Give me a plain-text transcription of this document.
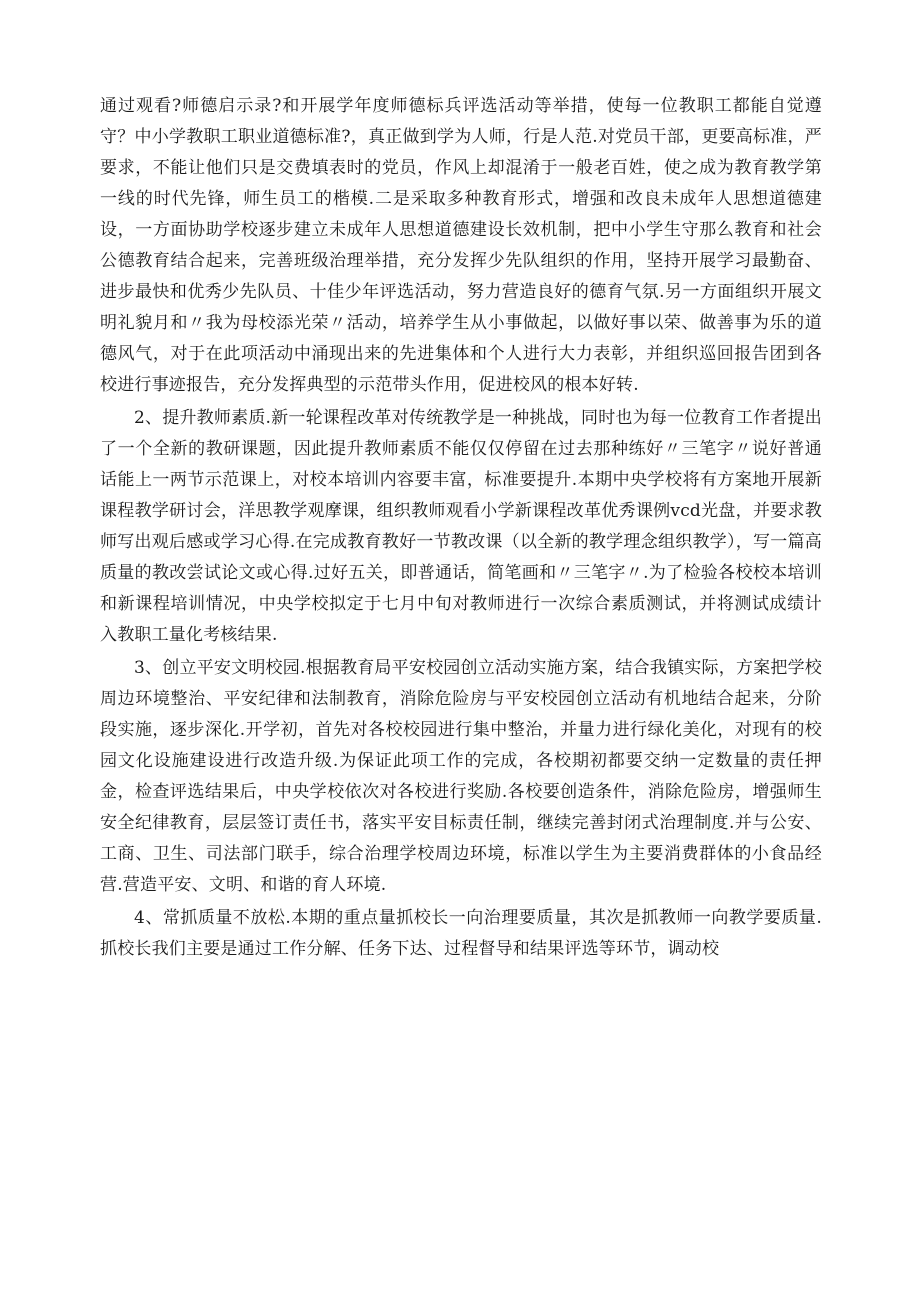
通过观看?师德启示录?和开展学年度师德标兵评选活动等举措，使每一位教职工都能自觉遵守？中小学教职工职业道德标准?，真正做到学为人师，行是人范.对党员干部，更要高标准，严要求，不能让他们只是交费填表时的党员，作风上却混淆于一般老百姓，使之成为教育教学第一线的时代先锋，师生员工的楷模.二是采取多种教育形式，增强和改良未成年人思想道德建设，一方面协助学校逐步建立未成年人思想道德建设长效机制，把中小学生守那么教育和社会公德教育结合起来，完善班级治理举措，充分发挥少先队组织的作用，坚持开展学习最勤奋、进步最快和优秀少先队员、十佳少年评选活动，努力营造良好的德育气氛.另一方面组织开展文明礼貌月和〃我为母校添光荣〃活动，培养学生从小事做起，以做好事以荣、做善事为乐的道德风气，对于在此项活动中涌现出来的先进集体和个人进行大力表彰，并组织巡回报告团到各校进行事迹报告，充分发挥典型的示范带头作用，促进校风的根本好转.

2、提升教师素质.新一轮课程改革对传统教学是一种挑战，同时也为每一位教育工作者提出了一个全新的教研课题，因此提升教师素质不能仅仅停留在过去那种练好〃三笔字〃说好普通话能上一两节示范课上，对校本培训内容要丰富，标准要提升.本期中央学校将有方案地开展新课程教学研讨会，洋思教学观摩课，组织教师观看小学新课程改革优秀课例vcd光盘，并要求教师写出观后感或学习心得.在完成教育教好一节教改课（以全新的教学理念组织教学），写一篇高质量的教改尝试论文或心得.过好五关，即普通话，简笔画和〃三笔字〃.为了检验各校校本培训和新课程培训情况，中央学校拟定于七月中旬对教师进行一次综合素质测试，并将测试成绩计入教职工量化考核结果.

3、创立平安文明校园.根据教育局平安校园创立活动实施方案，结合我镇实际，方案把学校周边环境整治、平安纪律和法制教育，消除危险房与平安校园创立活动有机地结合起来，分阶段实施，逐步深化.开学初，首先对各校校园进行集中整治，并量力进行绿化美化，对现有的校园文化设施建设进行改造升级.为保证此项工作的完成，各校期初都要交纳一定数量的责任押金，检查评选结果后，中央学校依次对各校进行奖励.各校要创造条件，消除危险房，增强师生安全纪律教育，层层签订责任书，落实平安目标责任制，继续完善封闭式治理制度.并与公安、工商、卫生、司法部门联手，综合治理学校周边环境，标准以学生为主要消费群体的小食品经营.营造平安、文明、和谐的育人环境.

4、常抓质量不放松.本期的重点量抓校长一向治理要质量，其次是抓教师一向教学要质量.抓校长我们主要是通过工作分解、任务下达、过程督导和结果评选等环节，调动校
